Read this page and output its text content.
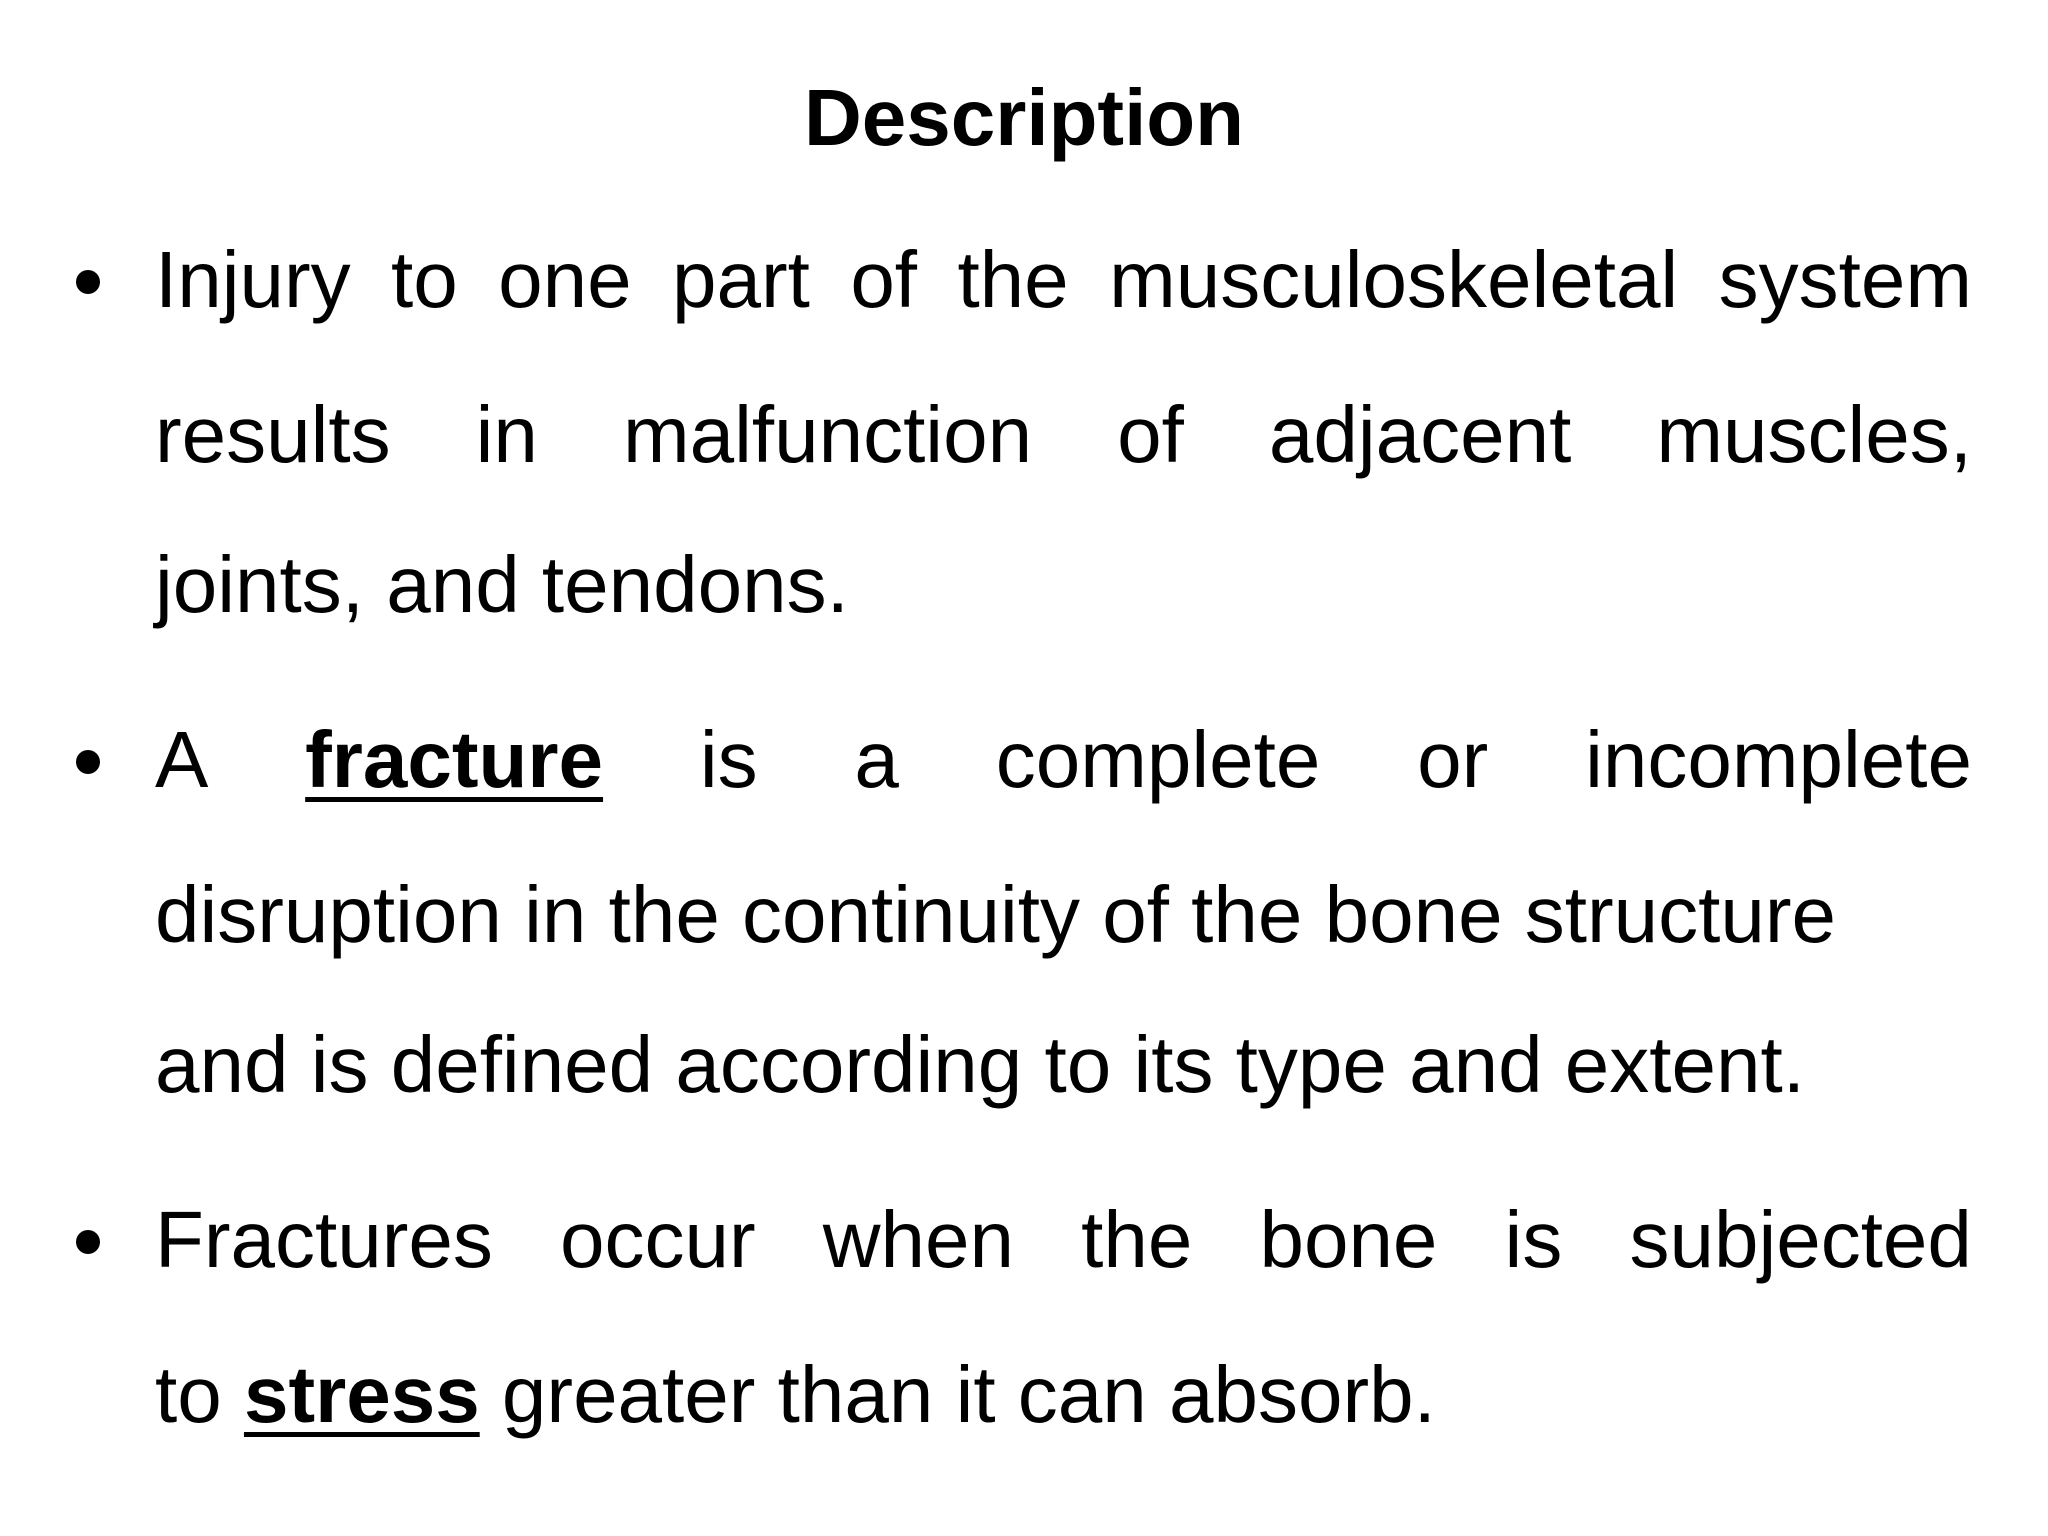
Description
Injury to one part of the musculoskeletal system
results in malfunction of adjacent muscles,
joints, and tendons.
A fracture is a complete or incomplete
disruption in the continuity of the bone structure
and is defined according to its type and extent.
Fractures occur when the bone is subjected
to stress greater than it can absorb.
